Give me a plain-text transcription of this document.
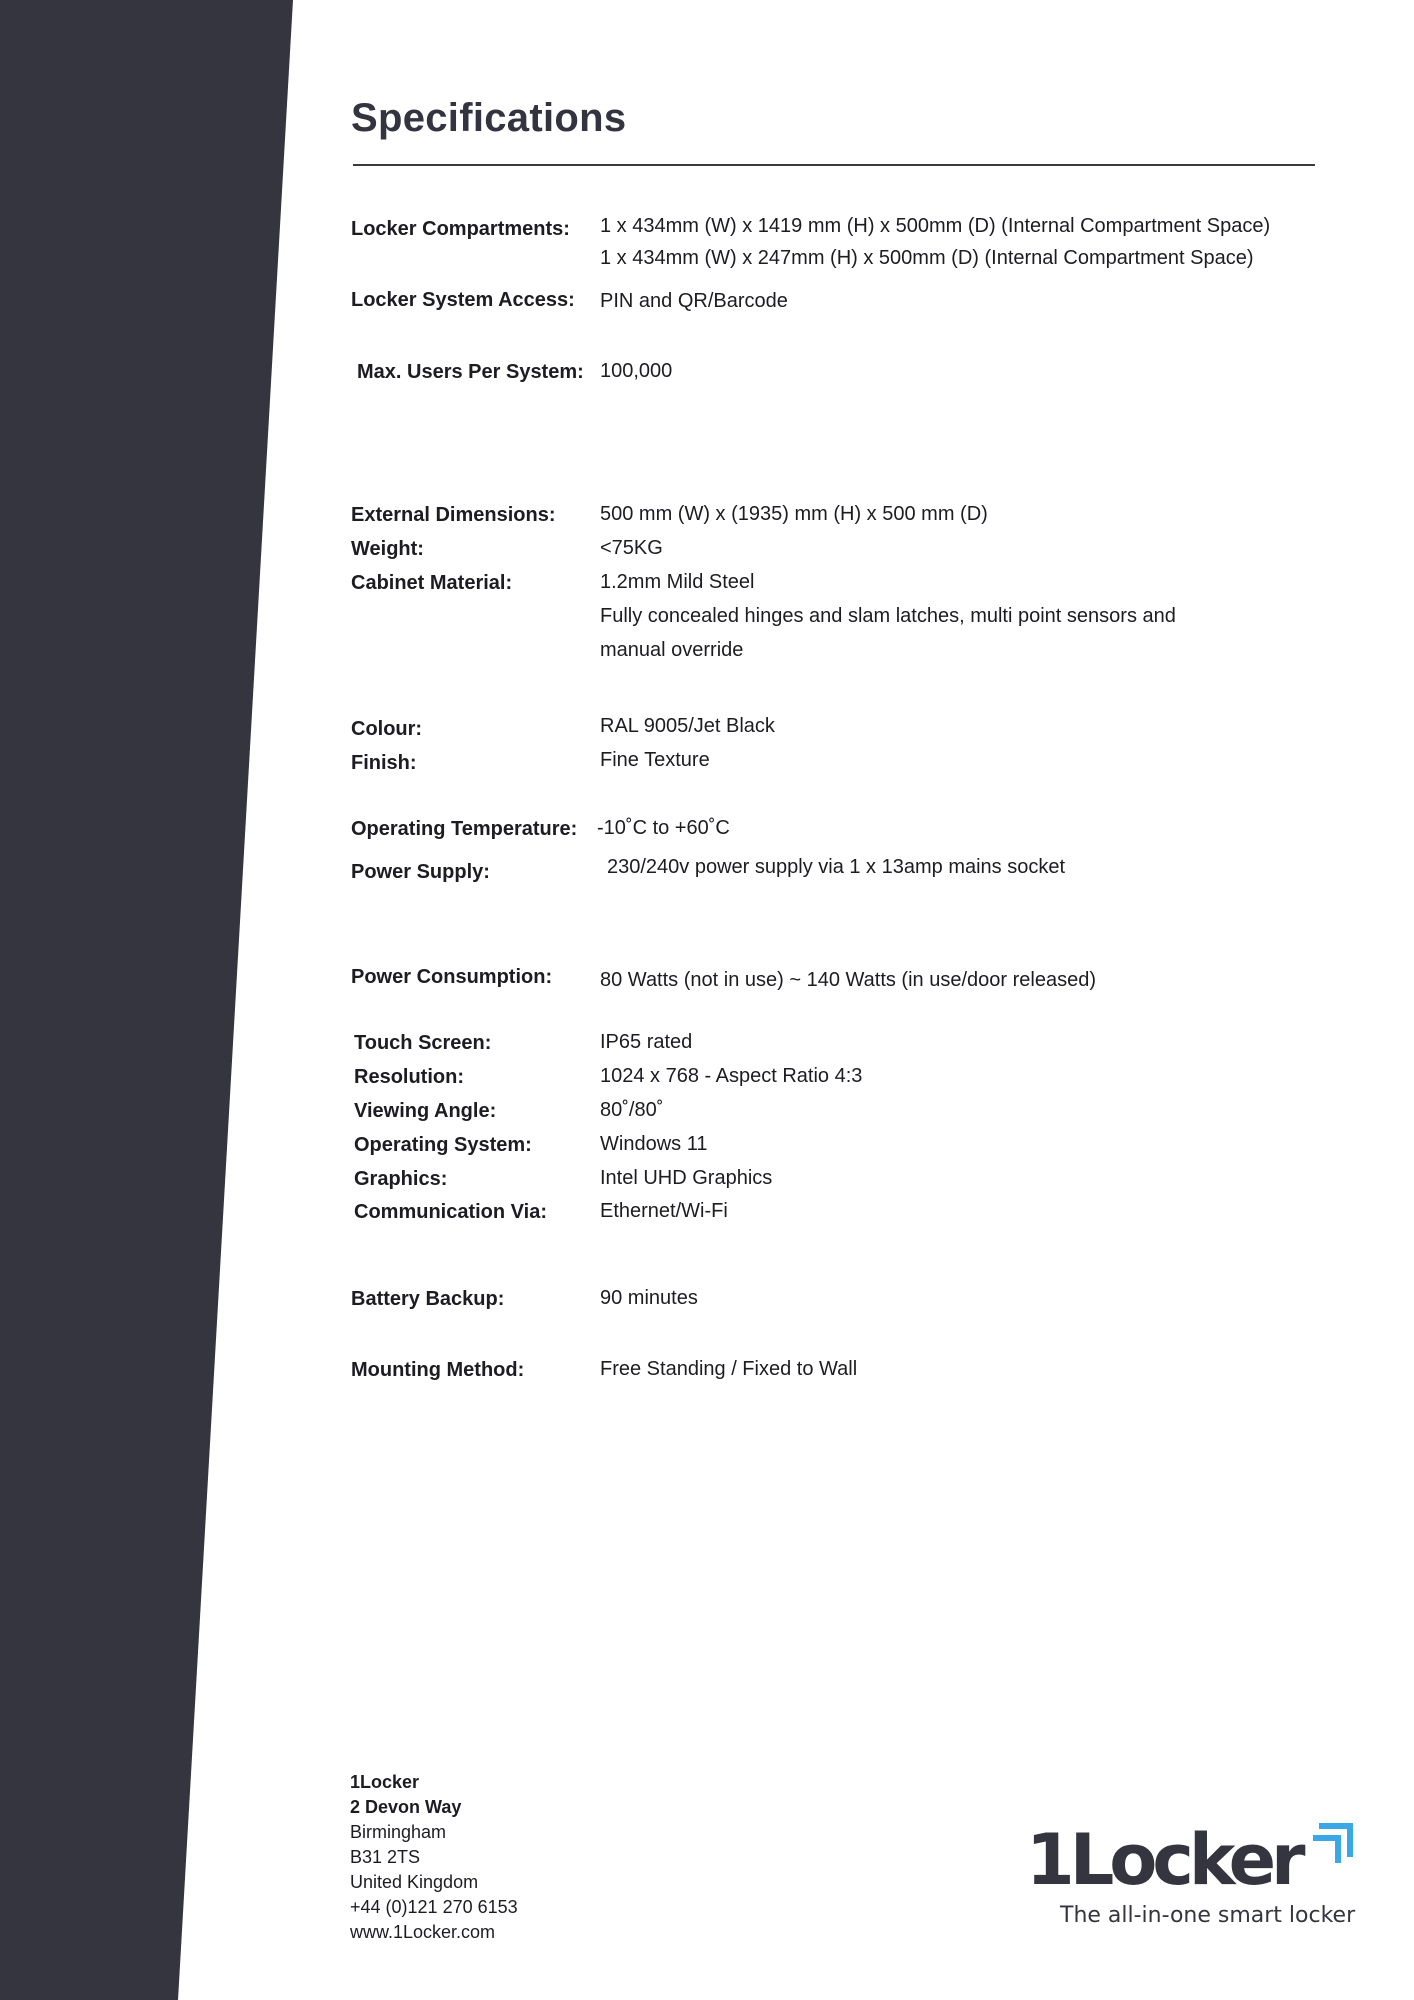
Specifications
Locker Compartments: 1 x 434mm (W) x 1419 mm (H) x 500mm (D) (Internal Compartment Space)
1 x 434mm (W) x 247mm (H) x 500mm (D) (Internal Compartment Space)
Locker System Access: PIN and QR/Barcode
Max. Users Per System: 100,000
External Dimensions: 500 mm (W) x (1935) mm (H) x 500 mm (D)
Weight:	<75KG
Cabinet Material:	1.2mm Mild Steel
Fully concealed hinges and slam latches, multi point sensors and
manual override
Colour:	RAL 9005/Jet Black
Finish:	Fine Texture
Operating Temperature: -10˚C to +60˚C
Power Supply:	230/240v power supply via 1 x 13amp mains socket
Power Consumption: 80 Watts (not in use) ~ 140 Watts (in use/door released)
Touch Screen:	IP65 rated
Resolution:	1024 x 768 - Aspect Ratio 4:3
Viewing Angle:	80˚/80˚
Operating System:	Windows 11
Graphics:	Intel UHD Graphics
Communication Via:	Ethernet/Wi-Fi
Battery Backup:	90 minutes
Mounting Method:	Free Standing / Fixed to Wall
1Locker
2 Devon Way
Birmingham
B31 2TS
United Kingdom
+44 (0)121 270 6153
www.1Locker.com
1Locker
The all-in-one smart locker
